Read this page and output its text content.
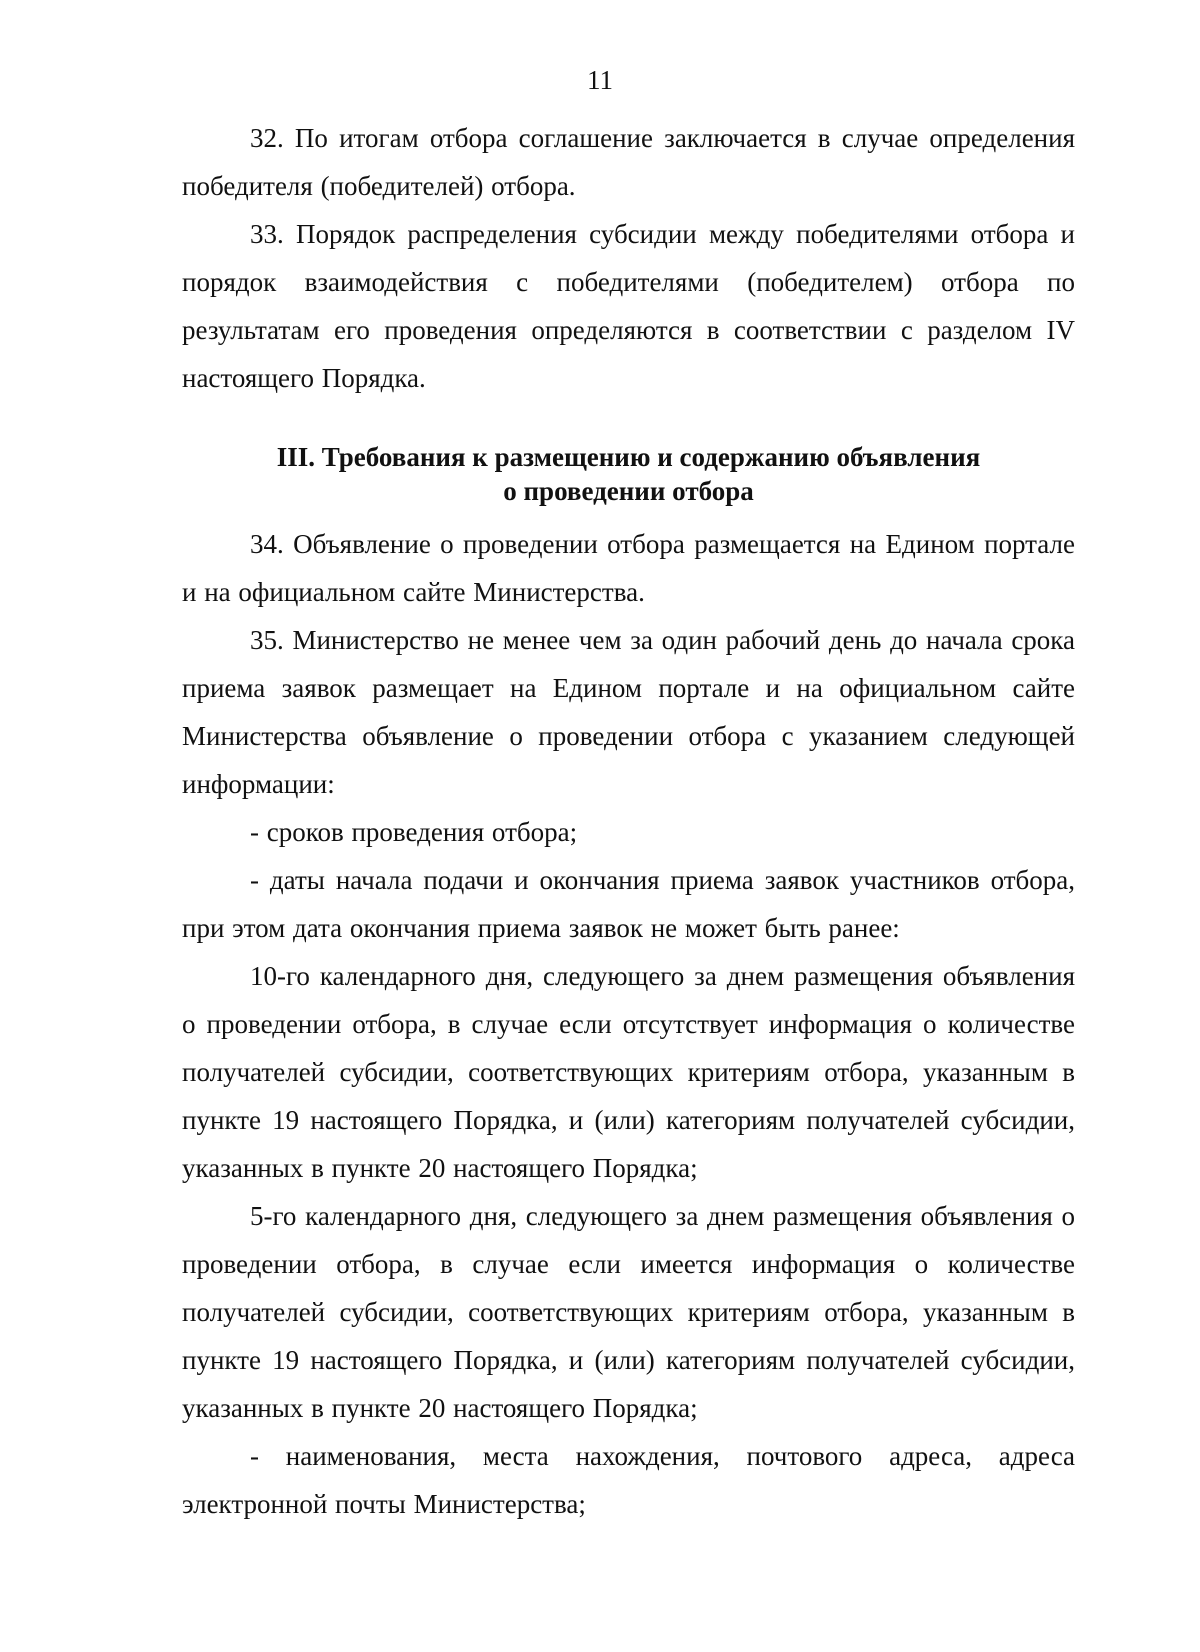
11

32. По итогам отбора соглашение заключается в случае определения победителя (победителей) отбора.

33. Порядок распределения субсидии между победителями отбора и порядок взаимодействия с победителями (победителем) отбора по результатам его проведения определяются в соответствии с разделом IV настоящего Порядка.

III. Требования к размещению и содержанию объявления
о проведении отбора

34. Объявление о проведении отбора размещается на Едином портале и на официальном сайте Министерства.

35. Министерство не менее чем за один рабочий день до начала срока приема заявок размещает на Едином портале и на официальном сайте Министерства объявление о проведении отбора с указанием следующей информации:

- сроков проведения отбора;

- даты начала подачи и окончания приема заявок участников отбора, при этом дата окончания приема заявок не может быть ранее:

10-го календарного дня, следующего за днем размещения объявления о проведении отбора, в случае если отсутствует информация о количестве получателей субсидии, соответствующих критериям отбора, указанным в пункте 19 настоящего Порядка, и (или) категориям получателей субсидии, указанных в пункте 20 настоящего Порядка;

5-го календарного дня, следующего за днем размещения объявления о проведении отбора, в случае если имеется информация о количестве получателей субсидии, соответствующих критериям отбора, указанным в пункте 19 настоящего Порядка, и (или) категориям получателей субсидии, указанных в пункте 20 настоящего Порядка;

- наименования, места нахождения, почтового адреса, адреса электронной почты Министерства;
